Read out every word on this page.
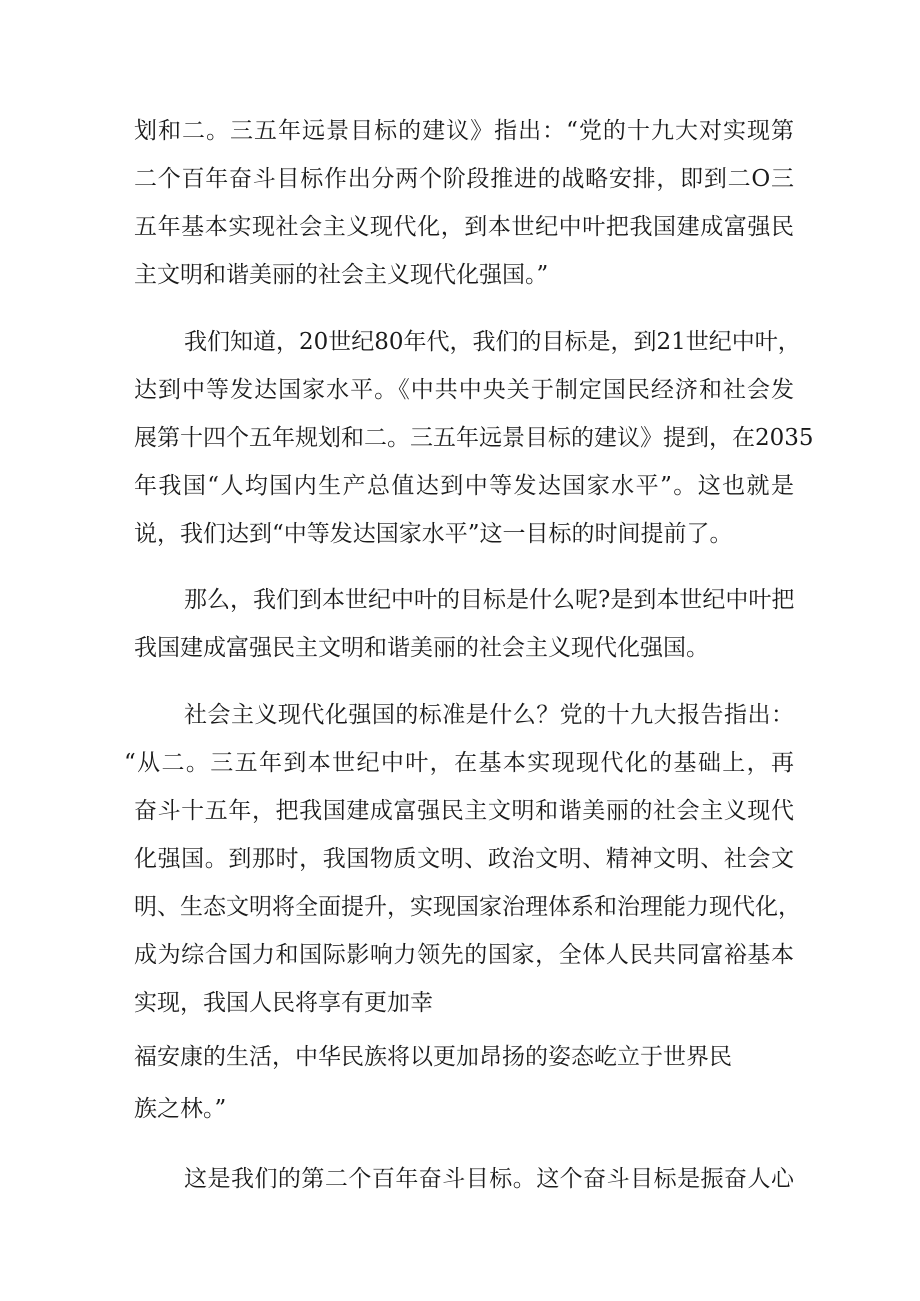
划和二。三五年远景目标的建议》指出：“党的十九大对实现第
二个百年奋斗目标作出分两个阶段推进的战略安排，即到二O三
五年基本实现社会主义现代化，到本世纪中叶把我国建成富强民
主文明和谐美丽的社会主义现代化强国。”
我们知道，20世纪80年代，我们的目标是，到21世纪中叶，
达到中等发达国家水平。《中共中央关于制定国民经济和社会发
展第十四个五年规划和二。三五年远景目标的建议》提到，在2035
年我国“人均国内生产总值达到中等发达国家水平”。这也就是
说，我们达到“中等发达国家水平”这一目标的时间提前了。
那么，我们到本世纪中叶的目标是什么呢?是到本世纪中叶把
我国建成富强民主文明和谐美丽的社会主义现代化强国。
社会主义现代化强国的标准是什么？党的十九大报告指出：
“从二。三五年到本世纪中叶，在基本实现现代化的基础上，再
奋斗十五年，把我国建成富强民主文明和谐美丽的社会主义现代
化强国。到那时，我国物质文明、政治文明、精神文明、社会文
明、生态文明将全面提升，实现国家治理体系和治理能力现代化，
成为综合国力和国际影响力领先的国家，全体人民共同富裕基本
实现，我国人民将享有更加幸
福安康的生活，中华民族将以更加昂扬的姿态屹立于世界民
族之林。”
这是我们的第二个百年奋斗目标。这个奋斗目标是振奋人心
